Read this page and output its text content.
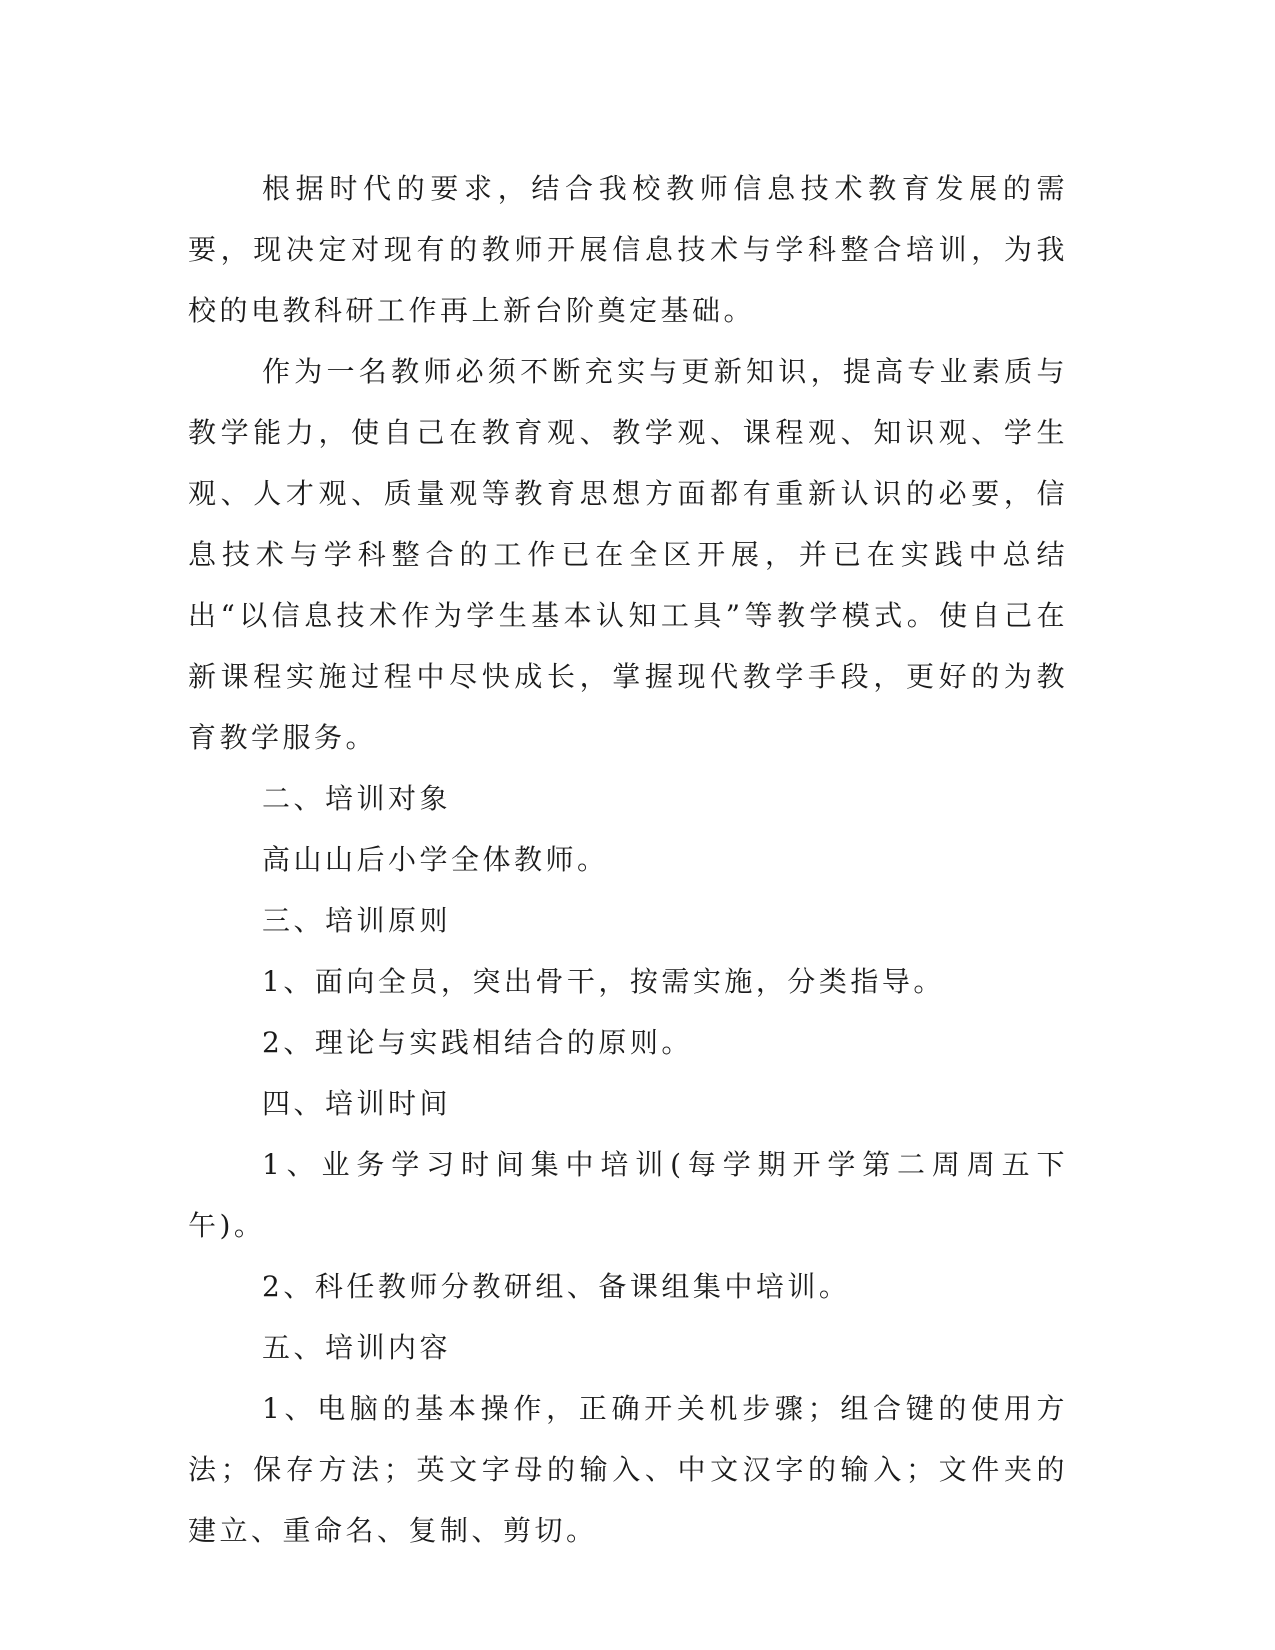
根据时代的要求，结合我校教师信息技术教育发展的需要，现决定对现有的教师开展信息技术与学科整合培训，为我校的电教科研工作再上新台阶奠定基础。

作为一名教师必须不断充实与更新知识，提高专业素质与教学能力，使自己在教育观、教学观、课程观、知识观、学生观、人才观、质量观等教育思想方面都有重新认识的必要，信息技术与学科整合的工作已在全区开展，并已在实践中总结出“以信息技术作为学生基本认知工具”等教学模式。使自己在新课程实施过程中尽快成长，掌握现代教学手段，更好的为教育教学服务。

二、培训对象

高山山后小学全体教师。

三、培训原则

1、面向全员，突出骨干，按需实施，分类指导。

2、理论与实践相结合的原则。

四、培训时间

1、业务学习时间集中培训(每学期开学第二周周五下午)。

2、科任教师分教研组、备课组集中培训。

五、培训内容

1、电脑的基本操作，正确开关机步骤；组合键的使用方法；保存方法；英文字母的输入、中文汉字的输入；文件夹的建立、重命名、复制、剪切。
